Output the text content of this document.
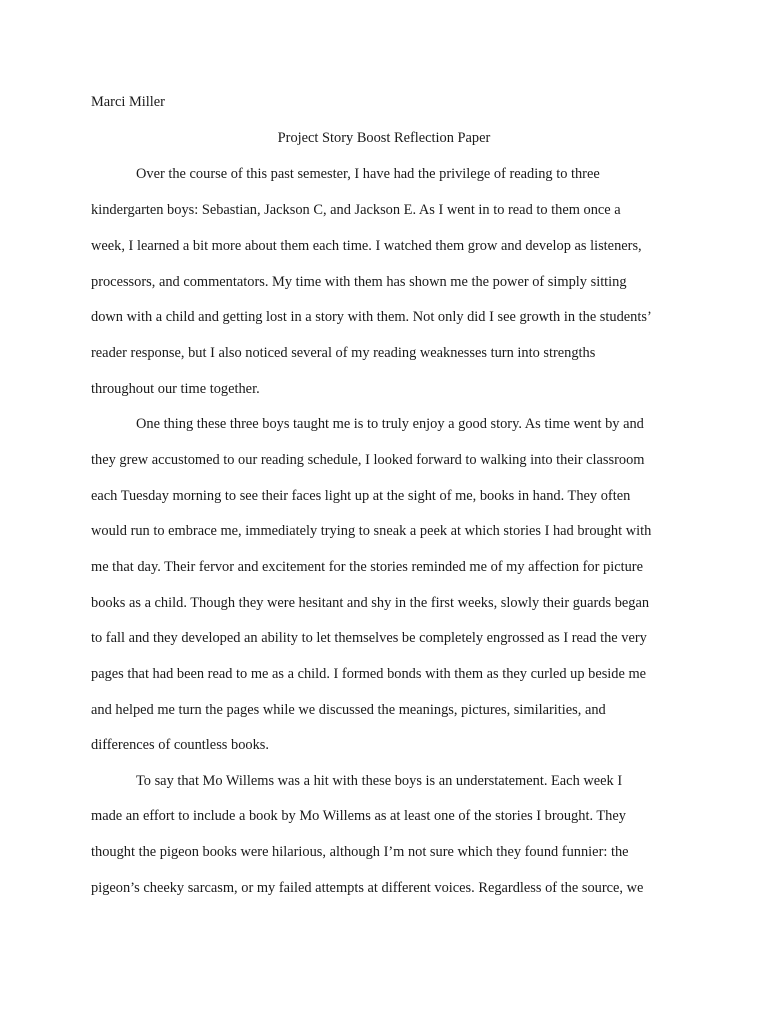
Marci Miller
Project Story Boost Reflection Paper
Over the course of this past semester, I have had the privilege of reading to three
kindergarten boys: Sebastian, Jackson C, and Jackson E. As I went in to read to them once a
week, I learned a bit more about them each time. I watched them grow and develop as listeners,
processors, and commentators. My time with them has shown me the power of simply sitting
down with a child and getting lost in a story with them. Not only did I see growth in the students’
reader response, but I also noticed several of my reading weaknesses turn into strengths
throughout our time together.
One thing these three boys taught me is to truly enjoy a good story. As time went by and
they grew accustomed to our reading schedule, I looked forward to walking into their classroom
each Tuesday morning to see their faces light up at the sight of me, books in hand. They often
would run to embrace me, immediately trying to sneak a peek at which stories I had brought with
me that day. Their fervor and excitement for the stories reminded me of my affection for picture
books as a child. Though they were hesitant and shy in the first weeks, slowly their guards began
to fall and they developed an ability to let themselves be completely engrossed as I read the very
pages that had been read to me as a child. I formed bonds with them as they curled up beside me
and helped me turn the pages while we discussed the meanings, pictures, similarities, and
differences of countless books.
To say that Mo Willems was a hit with these boys is an understatement. Each week I
made an effort to include a book by Mo Willems as at least one of the stories I brought. They
thought the pigeon books were hilarious, although I’m not sure which they found funnier: the
pigeon’s cheeky sarcasm, or my failed attempts at different voices. Regardless of the source, we
